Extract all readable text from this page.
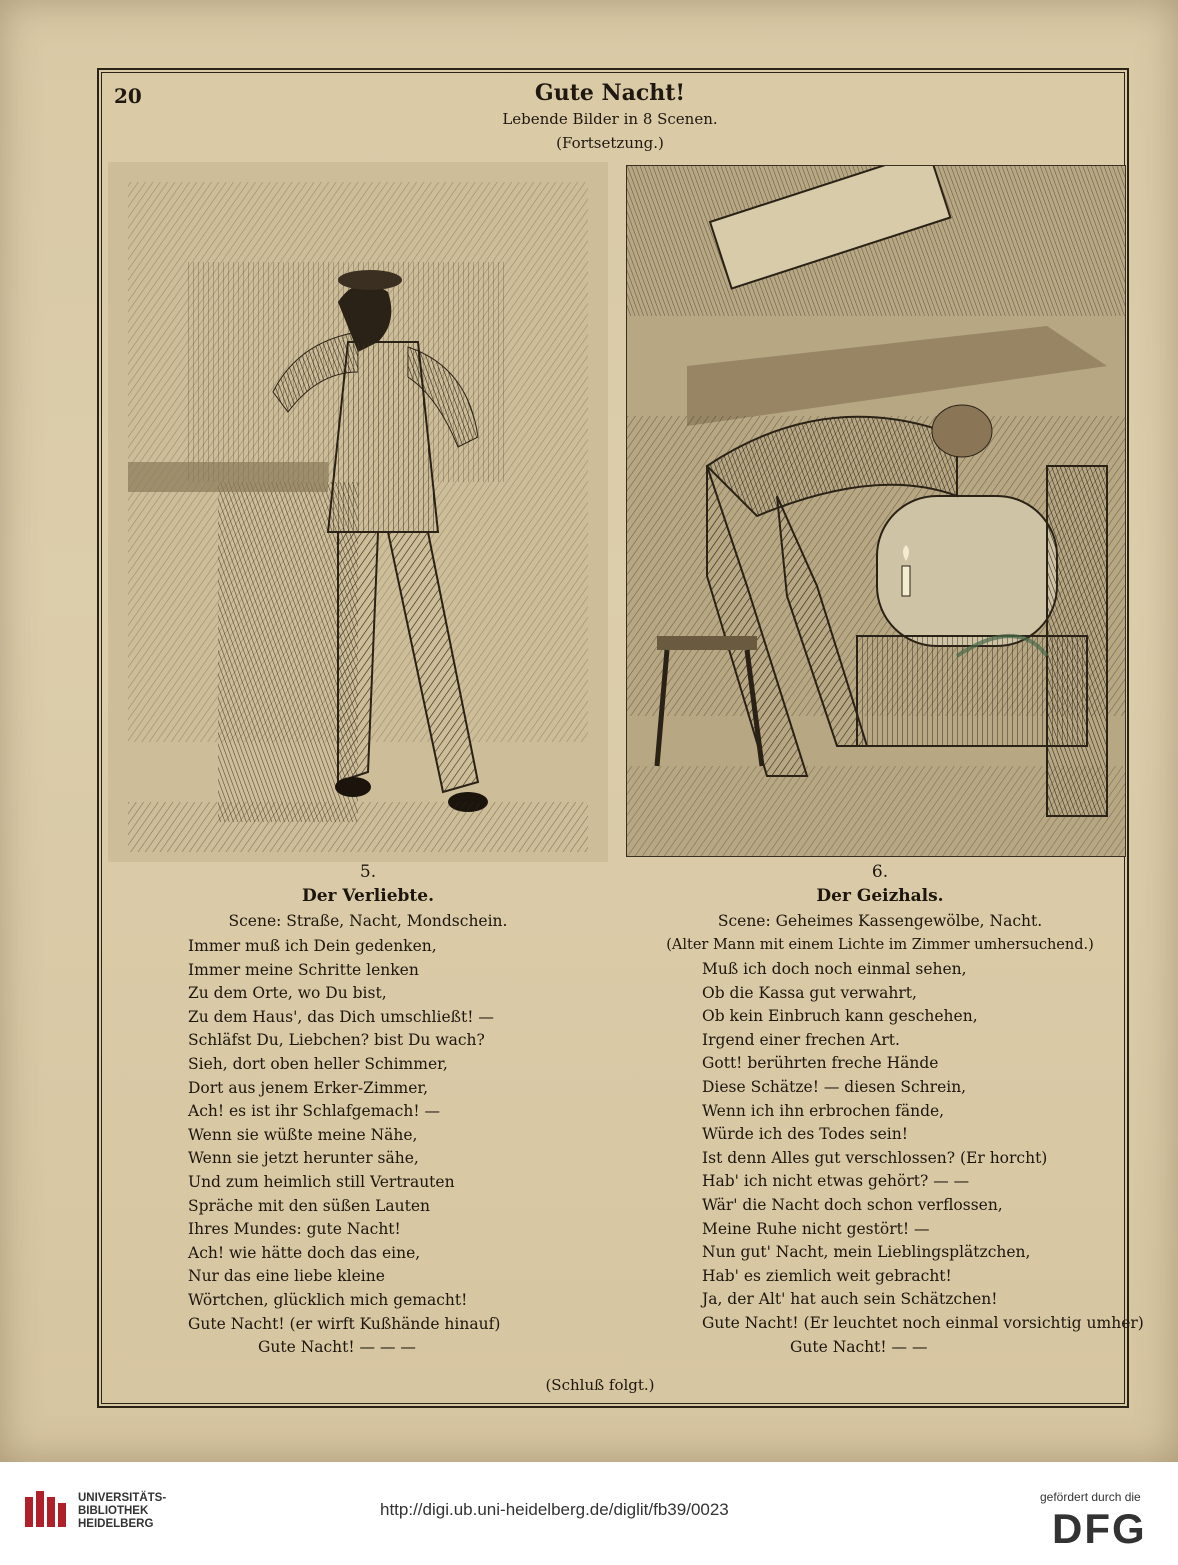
20	Gute Nacht!
Lebende Bilder in 8 Scenen.
(Fortsetzung.)

5.

Der Verliebte.

Scene: Straße, Nacht, Mondschein.

Immer muß ich Dein gedenken,

Immer meine Schritte lenken

Zu dem Orte, wo Du bist,

Zu dem Haus', das Dich umschließt! —

Schläfst Du, Liebchen? bist Du wach?

Sieh, dort oben heller Schimmer,

Dort aus jenem Erker-Zimmer,

Ach! es ist ihr Schlafgemach! —

Wenn sie wüßte meine Nähe,

Wenn sie jetzt herunter sähe,

Und zum heimlich still Vertrauten

Spräche mit den süßen Lauten

Ihres Mundes: gute Nacht!

Ach! wie hätte doch das eine,

Nur das eine liebe kleine

Wörtchen, glücklich mich gemacht!

Gute Nacht! (er wirft Kußhände hinauf)

Gute Nacht! — — —

6.

Der Geizhals.

Scene: Geheimes Kassengewölbe, Nacht.

(Alter Mann mit einem Lichte im Zimmer umhersuchend.)

Muß ich doch noch einmal sehen,

Ob die Kassa gut verwahrt,

Ob kein Einbruch kann geschehen,

Irgend einer frechen Art.

Gott! berührten freche Hände

Diese Schätze! — diesen Schrein,

Wenn ich ihn erbrochen fände,

Würde ich des Todes sein!

Ist denn Alles gut verschlossen? (Er horcht)

Hab' ich nicht etwas gehört? — —

Wär' die Nacht doch schon verflossen,

Meine Ruhe nicht gestört! —

Nun gut' Nacht, mein Lieblingsplätzchen,

Hab' es ziemlich weit gebracht!

Ja, der Alt' hat auch sein Schätzchen!

Gute Nacht! (Er leuchtet noch einmal vorsichtig umher)

Gute Nacht! — —

(Schluß folgt.)
UNIVERSITÄTS-
BIBLIOTHEK
HEIDELBERG
http://digi.ub.uni-heidelberg.de/diglit/fb39/0023
gefördert durch die
DFG
